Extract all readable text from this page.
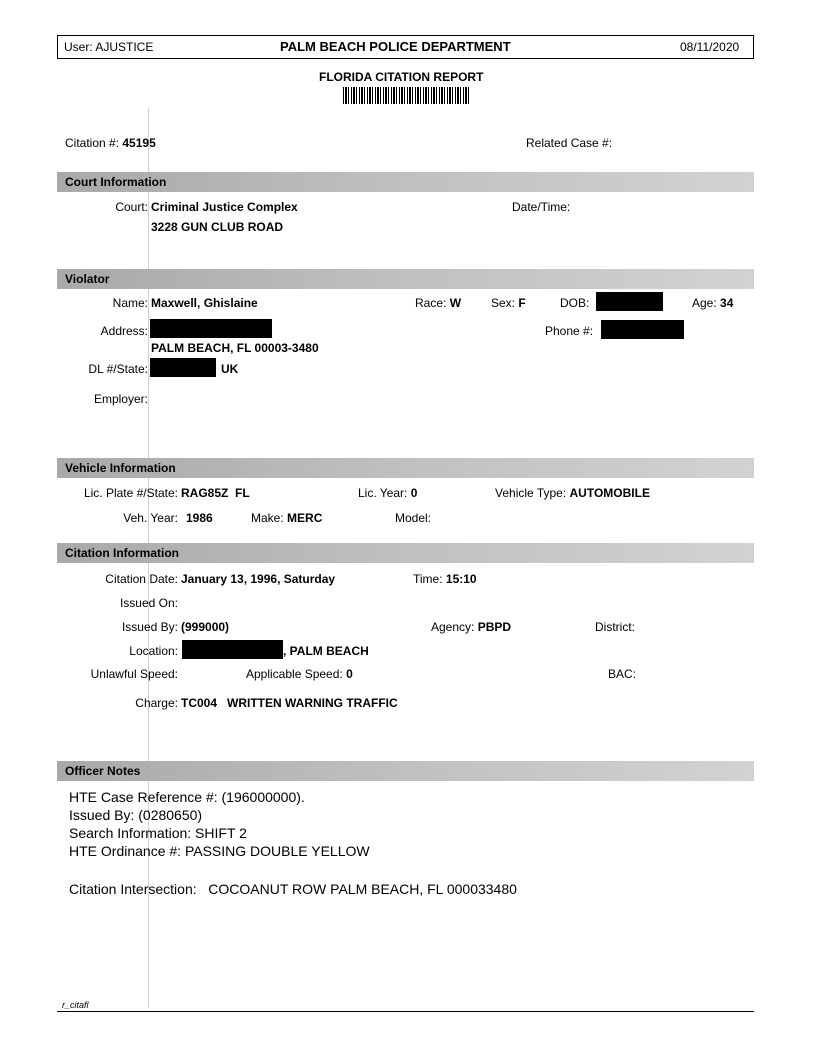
User: AJUSTICE	PALM BEACH POLICE DEPARTMENT	08/11/2020
FLORIDA CITATION REPORT
Citation #: 45195	Related Case #:
Court Information
Court: Criminal Justice Complex
3228 GUN CLUB ROAD
Date/Time:
Violator
Name: Maxwell, Ghislaine	Race: W Sex: F	DOB:	Age: 34
Address:
PALM BEACH, FL 00003-3480
Phone #:
DL #/State:	UK
Employer:
Vehicle Information
Lic. Plate #/State: RAG85Z  FL	Lic. Year: 0	Vehicle Type: AUTOMOBILE
Veh. Year: 1986	Make: MERC	Model:
Citation Information
Citation Date: January 13, 1996, Saturday	Time: 15:10
Issued On:
Issued By: (999000)	Agency: PBPD	District:
Location:	, PALM BEACH
Unlawful Speed:	Applicable Speed: 0	BAC:
Charge: TC004   WRITTEN WARNING TRAFFIC
Officer Notes
HTE Case Reference #: (196000000).
Issued By: (0280650)
Search Information: SHIFT 2
HTE Ordinance #: PASSING DOUBLE YELLOW
Citation Intersection:   COCOANUT ROW PALM BEACH, FL 000033480
r_citafl
